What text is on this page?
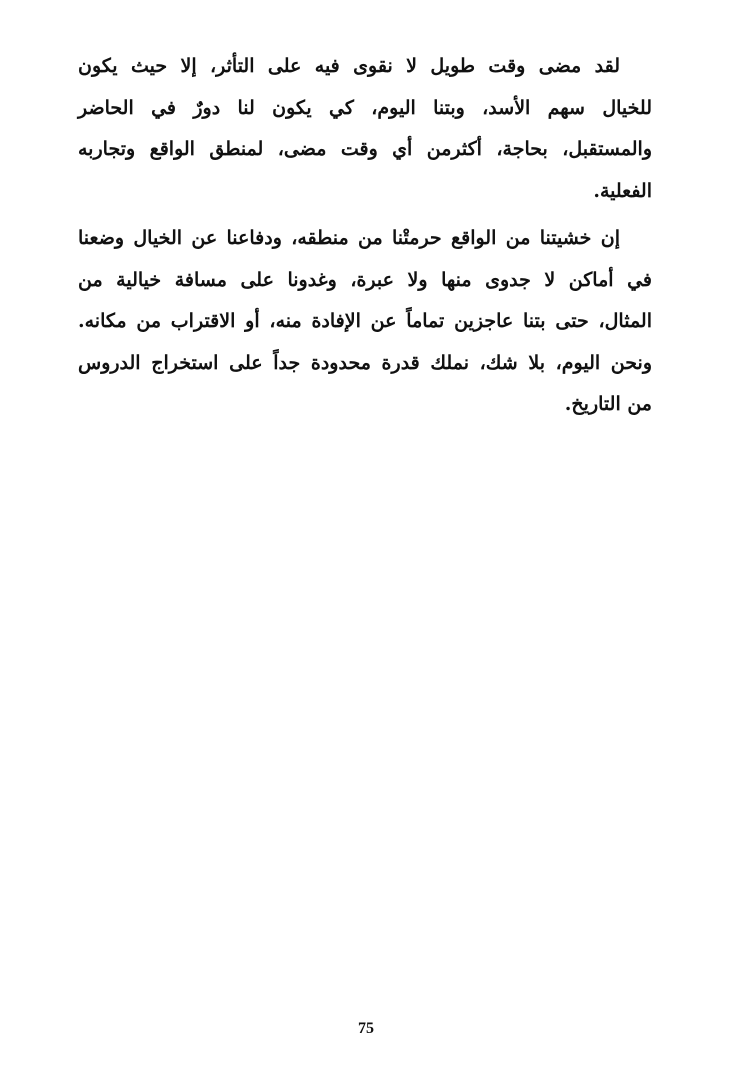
لقد مضى وقت طويل لا نقوى فيه على التأثر، إلا حيث يكون
للخيال سهم الأسد، وبتنا اليوم، كي يكون لنا دورٌ في الحاضر
والمستقبل، بحاجة، أكثرمن أي وقت مضى، لمنطق الواقع وتجاربه
الفعلية.
إن خشيتنا من الواقع حرمتْنا من منطقه، ودفاعنا عن الخيال وضعنا
في أماكن لا جدوى منها ولا عبرة، وغدونا على مسافة خيالية من
المثال، حتى بتنا عاجزين تماماً عن الإفادة منه، أو الاقتراب من مكانه.
ونحن اليوم، بلا شك، نملك قدرة محدودة جداً على استخراج الدروس
من التاريخ.
75
